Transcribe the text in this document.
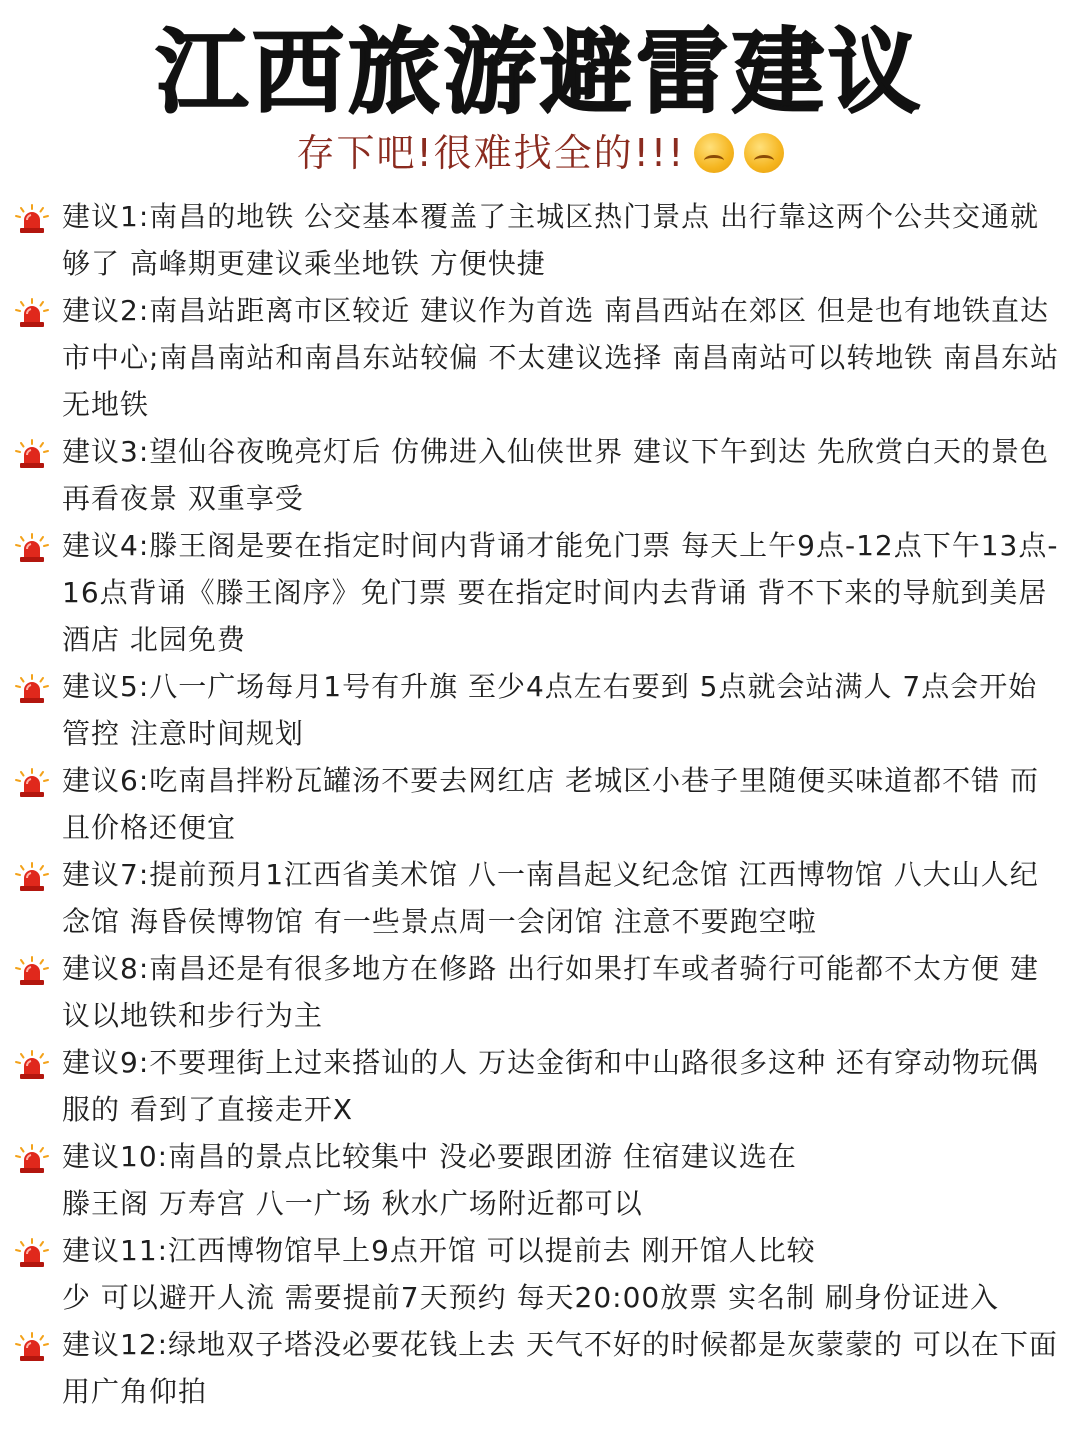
江西旅游避雷建议
存下吧!很难找全的!!!
建议1:南昌的地铁 公交基本覆盖了主城区热门景点 出行靠这两个公共交通就够了 高峰期更建议乘坐地铁 方便快捷
建议2:南昌站距离市区较近 建议作为首选 南昌西站在郊区 但是也有地铁直达市中心;南昌南站和南昌东站较偏 不太建议选择 南昌南站可以转地铁 南昌东站无地铁
建议3:望仙谷夜晚亮灯后 仿佛进入仙侠世界 建议下午到达 先欣赏白天的景色 再看夜景 双重享受
建议4:滕王阁是要在指定时间内背诵才能免门票 每天上午9点-12点下午13点-16点背诵《滕王阁序》免门票 要在指定时间内去背诵 背不下来的导航到美居酒店 北园免费
建议5:八一广场每月1号有升旗 至少4点左右要到 5点就会站满人 7点会开始管控 注意时间规划
建议6:吃南昌拌粉瓦罐汤不要去网红店 老城区小巷子里随便买味道都不错 而且价格还便宜
建议7:提前预月1江西省美术馆 八一南昌起义纪念馆 江西博物馆 八大山人纪念馆 海昏侯博物馆 有一些景点周一会闭馆 注意不要跑空啦
建议8:南昌还是有很多地方在修路 出行如果打车或者骑行可能都不太方便 建议以地铁和步行为主
建议9:不要理街上过来搭讪的人 万达金街和中山路很多这种 还有穿动物玩偶服的 看到了直接走开X
建议10:南昌的景点比较集中 没必要跟团游 住宿建议选在
滕王阁 万寿宫 八一广场 秋水广场附近都可以
建议11:江西博物馆早上9点开馆 可以提前去 刚开馆人比较
少 可以避开人流 需要提前7天预约 每天20:00放票 实名制 刷身份证进入
建议12:绿地双子塔没必要花钱上去 天气不好的时候都是灰蒙蒙的 可以在下面用广角仰拍
